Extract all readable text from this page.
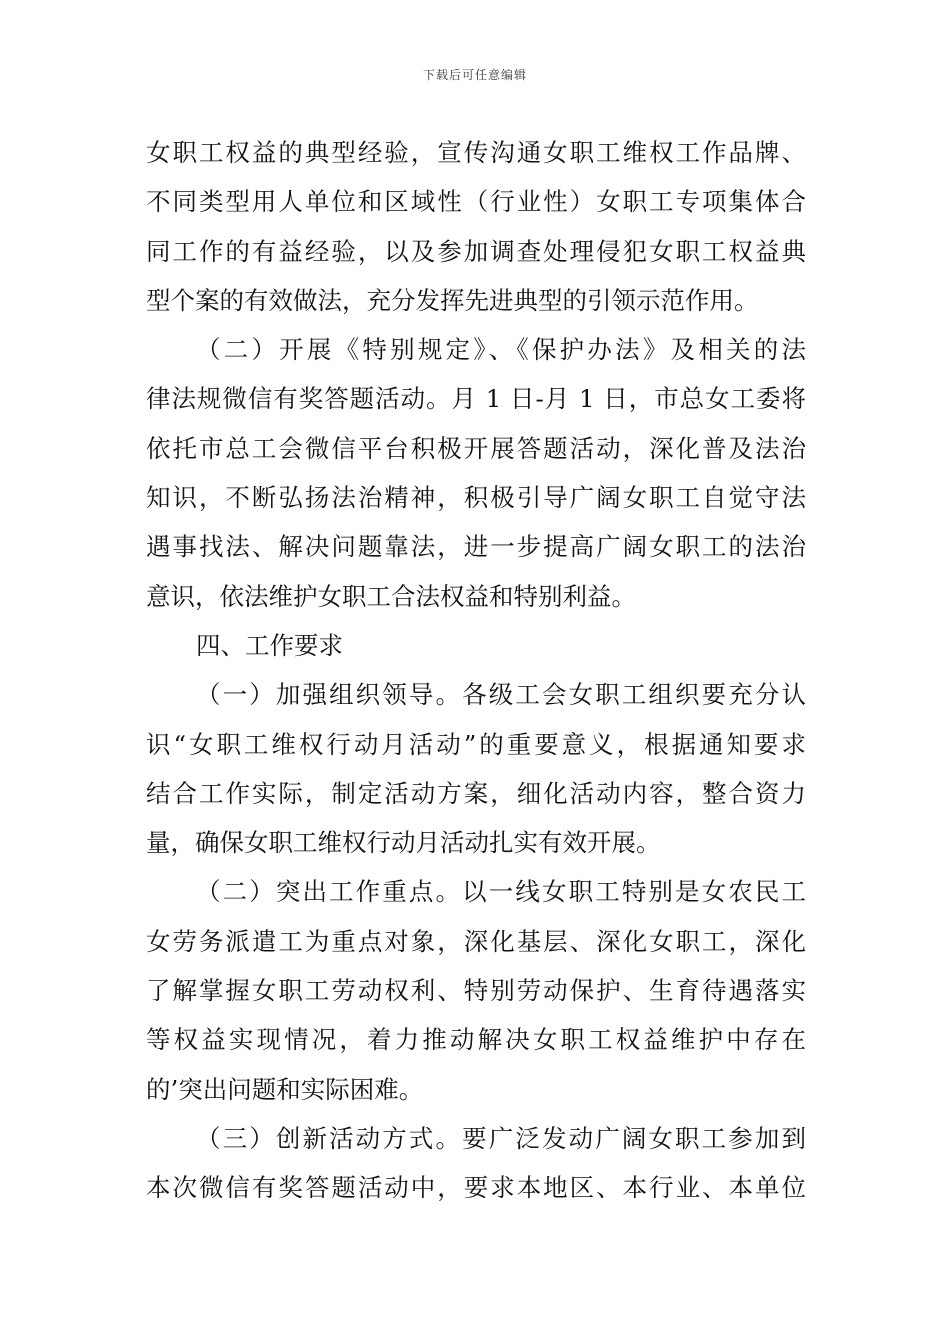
下载后可任意编辑
女职工权益的典型经验，宣传沟通女职工维权工作品牌、
不同类型用人单位和区域性（行业性）女职工专项集体合
同工作的有益经验，以及参加调查处理侵犯女职工权益典
型个案的有效做法，充分发挥先进典型的引领示范作用。
（二）开展《特别规定》、《保护办法》及相关的法
律法规微信有奖答题活动。月 1 日-月 1 日，市总女工委将
依托市总工会微信平台积极开展答题活动，深化普及法治
知识，不断弘扬法治精神，积极引导广阔女职工自觉守法
遇事找法、解决问题靠法，进一步提高广阔女职工的法治
意识，依法维护女职工合法权益和特别利益。
四、工作要求
（一）加强组织领导。各级工会女职工组织要充分认
识“女职工维权行动月活动”的重要意义，根据通知要求
结合工作实际，制定活动方案，细化活动内容，整合资力
量，确保女职工维权行动月活动扎实有效开展。
（二）突出工作重点。以一线女职工特别是女农民工
女劳务派遣工为重点对象，深化基层、深化女职工，深化
了解掌握女职工劳动权利、特别劳动保护、生育待遇落实
等权益实现情况，着力推动解决女职工权益维护中存在
的’突出问题和实际困难。
（三）创新活动方式。要广泛发动广阔女职工参加到
本次微信有奖答题活动中，要求本地区、本行业、本单位
